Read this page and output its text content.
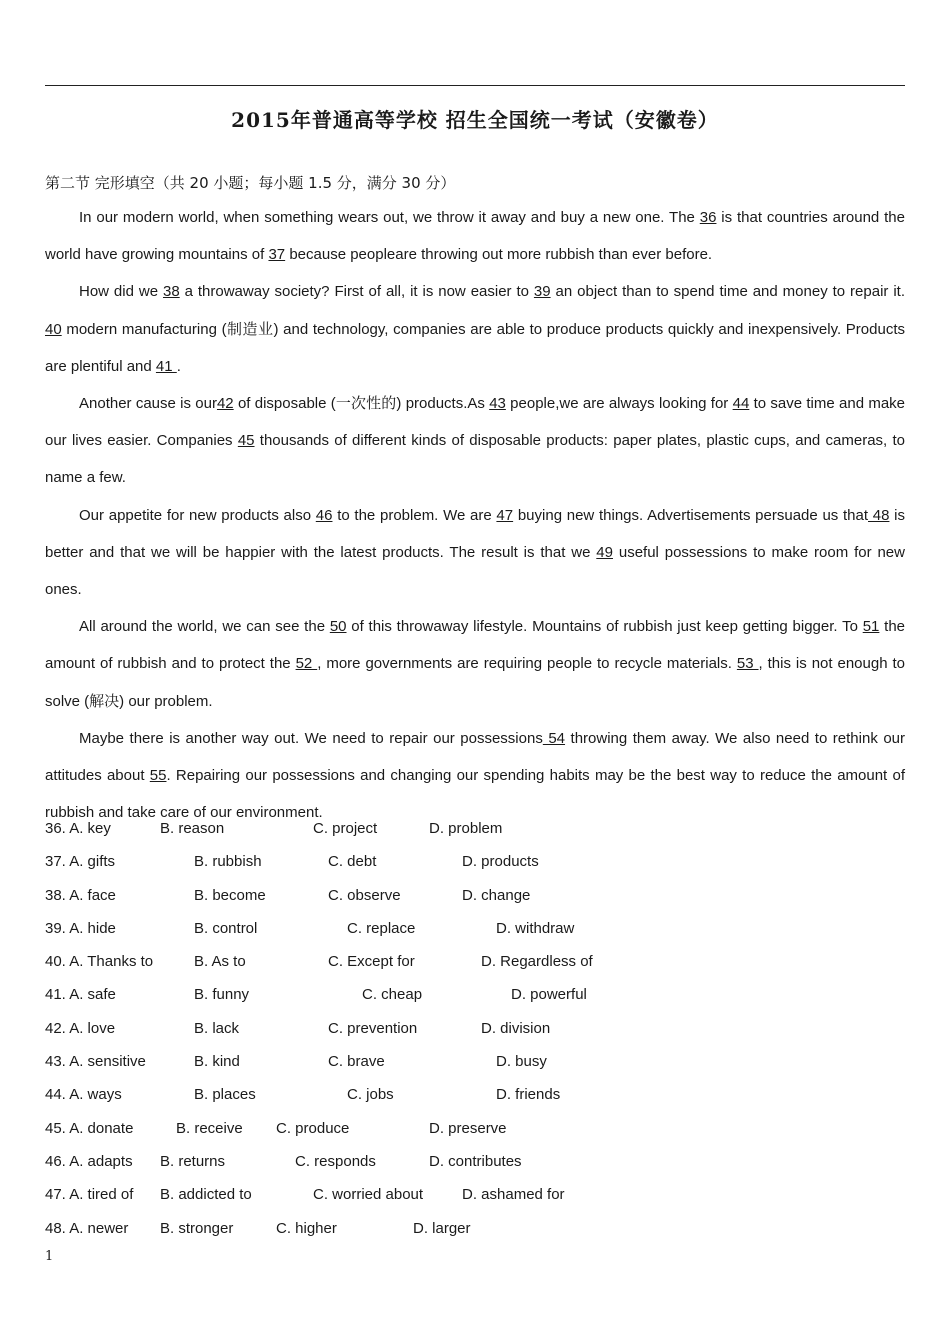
2015年普通高等学校 招生全国统一考试（安徽卷）
第二节 完形填空（共 20 小题；每小题 1.5 分，满分 30 分）

In our modern world, when something wears out, we throw it away and buy a new one. The 36 is that countries around the world have growing mountains of 37 because peopleare throwing out more rubbish than ever before.

How did we 38 a throwaway society? First of all, it is now easier to 39 an object than to spend time and money to repair it. 40 modern manufacturing (制造业) and technology, companies are able to produce products quickly and inexpensively. Products are plentiful and 41 .

Another cause is our42 of disposable (一次性的) products.As 43 people,we are always looking for 44 to save time and make our lives easier. Companies 45 thousands of different kinds of disposable products: paper plates, plastic cups, and cameras, to name a few.

Our appetite for new products also 46 to the problem. We are 47 buying new things. Advertisements persuade us that 48 is better and that we will be happier with the latest products. The result is that we 49 useful possessions to make room for new ones.

All around the world, we can see the 50 of this throwaway lifestyle. Mountains of rubbish just keep getting bigger. To 51 the amount of rubbish and to protect the 52 , more governments are requiring people to recycle materials. 53 , this is not enough to solve (解决) our problem.

Maybe there is another way out. We need to repair our possessions 54 throwing them away. We also need to rethink our attitudes about 55. Repairing our possessions and changing our spending habits may be the best way to reduce the amount of rubbish and take care of our environment.

36. A. key	B. reason	C. project	D. problem
37. A. gifts	B. rubbish	C. debt	D. products
38. A. face	B. become	C. observe	D. change
39. A. hide	B. control	C. replace	D. withdraw
40. A. Thanks to	B. As to	C. Except for	D. Regardless of
41. A. safe	B. funny	C. cheap	D. powerful
42. A. love	B. lack	C. prevention	D. division
43. A. sensitive	B. kind	C. brave	D. busy
44. A. ways	B. places	C. jobs	D. friends
45. A. donate	B. receive C. produce	D. preserve
46. A. adapts B. returns	C. responds	D. contributes
47. A. tired of B. addicted to	C. worried about	D. ashamed for
48. A. newer B. stronger	C. higher	D. larger
1
